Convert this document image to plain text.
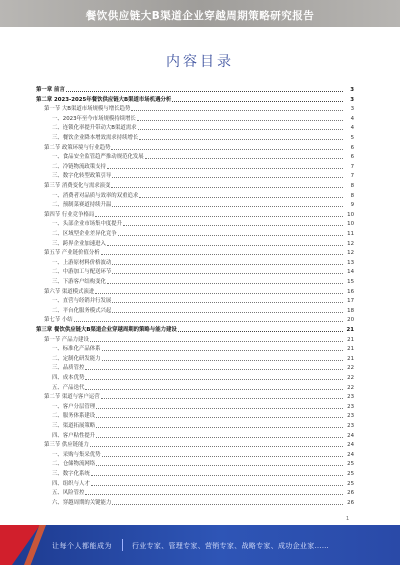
餐饮供应链大B渠道企业穿越周期策略研究报告
内容目录
第一章 前言	3
第二章 2023-2025年餐饮供应链大B渠道市场机遇分析	3
第一节 大B渠道市场规模与增长趋势	3
一、2023年至今市场规模持续增长	4
二、连锁化率提升带动大B渠道需求	4
三、餐饮企业降本增效需求持续增长	5
第二节 政策环境与行业趋势	6
一、食品安全监管趋严推动规范化发展	6
二、冷链物流政策支持	7
三、数字化转型政策引导	7
第三节 消费变化与需求演变	8
一、消费者对品质与效率的双重追求	8
二、预制菜赛道持续升温	9
第四节 行业竞争格局	10
一、头部企业市场集中度提升	10
二、区域型企业差异化竞争	11
三、跨界企业加速进入	12
第五节 产业链价值分析	12
一、上游原材料价格波动	13
二、中游加工与配送环节	14
三、下游客户结构变化	15
第六节 渠道模式演进	16
一、直营与经销并行发展	17
二、平台化服务模式兴起	18
第七节 小结	20
第三章 餐饮供应链大B渠道企业穿越周期的策略与能力建设	21
第一节 产品力建设	21
一、标准化产品体系	21
二、定制化研发能力	21
三、品质管控	22
四、成本优势	22
五、产品迭代	22
第二节 渠道与客户运营	23
一、客户分层管理	23
二、服务体系建设	23
三、渠道拓展策略	23
四、客户粘性提升	24
第三节 供应链能力	24
一、采购与集采优势	24
二、仓储物流网络	25
三、数字化系统	25
四、组织与人才	25
五、风险管控	26
六、穿越周期的关键能力	26
1
让每个人都能成为	行业专家、管理专家、营销专家、战略专家、成功企业家……
